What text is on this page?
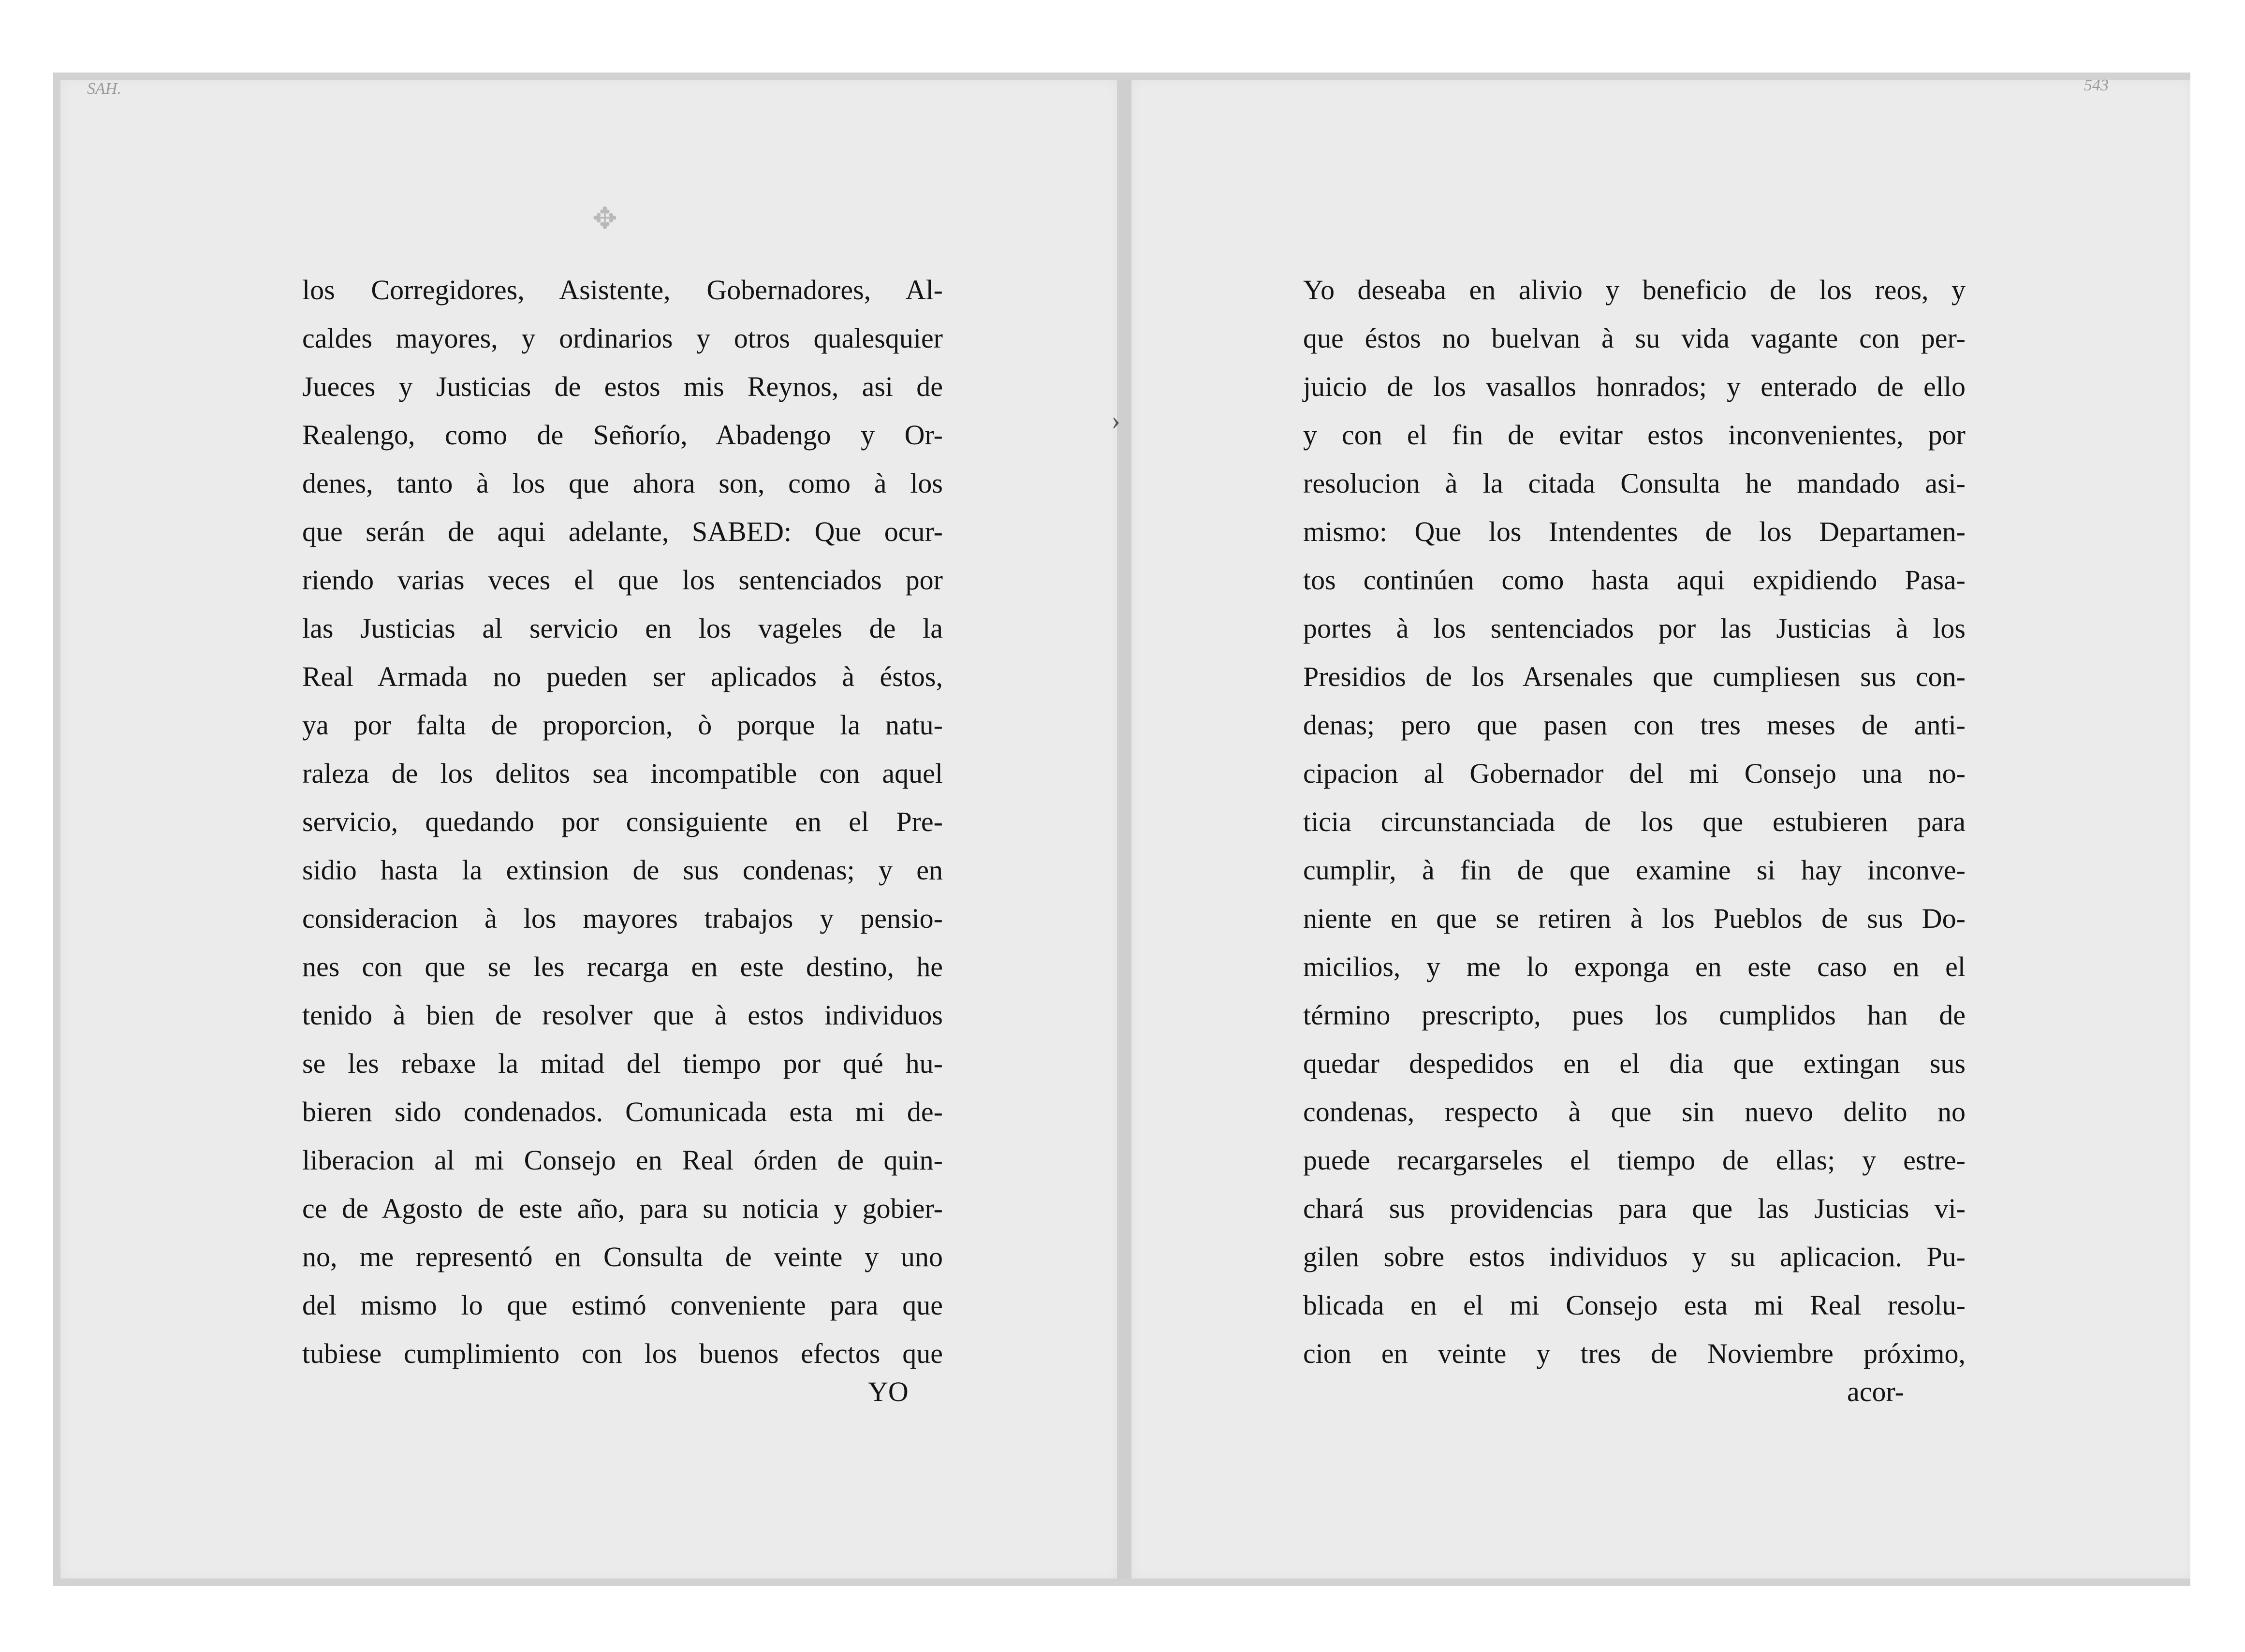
SAH.	543
✥
›
los Corregidores, Asistente, Gobernadores, Al-
caldes mayores, y ordinarios y otros qualesquier
Jueces y Justicias de estos mis Reynos, asi de
Realengo, como de Señorío, Abadengo y Or-
denes, tanto à los que ahora son, como à los
que serán de aqui adelante, SABED: Que ocur-
riendo varias veces el que los sentenciados por
las Justicias al servicio en los vageles de la
Real Armada no pueden ser aplicados à éstos,
ya por falta de proporcion, ò porque la natu-
raleza de los delitos sea incompatible con aquel
servicio, quedando por consiguiente en el Pre-
sidio hasta la extinsion de sus condenas; y en
consideracion à los mayores trabajos y pensio-
nes con que se les recarga en este destino, he
tenido à bien de resolver que à estos individuos
se les rebaxe la mitad del tiempo por qué hu-
bieren sido condenados. Comunicada esta mi de-
liberacion al mi Consejo en Real órden de quin-
ce de Agosto de este año, para su noticia y gobier-
no, me representó en Consulta de veinte y uno
del mismo lo que estimó conveniente para que
tubiese cumplimiento con los buenos efectos que
YO
Yo deseaba en alivio y beneficio de los reos, y
que éstos no buelvan à su vida vagante con per-
juicio de los vasallos honrados; y enterado de ello
y con el fin de evitar estos inconvenientes, por
resolucion à la citada Consulta he mandado asi-
mismo: Que los Intendentes de los Departamen-
tos continúen como hasta aqui expidiendo Pasa-
portes à los sentenciados por las Justicias à los
Presidios de los Arsenales que cumpliesen sus con-
denas; pero que pasen con tres meses de anti-
cipacion al Gobernador del mi Consejo una no-
ticia circunstanciada de los que estubieren para
cumplir, à fin de que examine si hay inconve-
niente en que se retiren à los Pueblos de sus Do-
micilios, y me lo exponga en este caso en el
término prescripto, pues los cumplidos han de
quedar despedidos en el dia que extingan sus
condenas, respecto à que sin nuevo delito no
puede recargarseles el tiempo de ellas; y estre-
chará sus providencias para que las Justicias vi-
gilen sobre estos individuos y su aplicacion. Pu-
blicada en el mi Consejo esta mi Real resolu-
cion en veinte y tres de Noviembre próximo,
acor-
